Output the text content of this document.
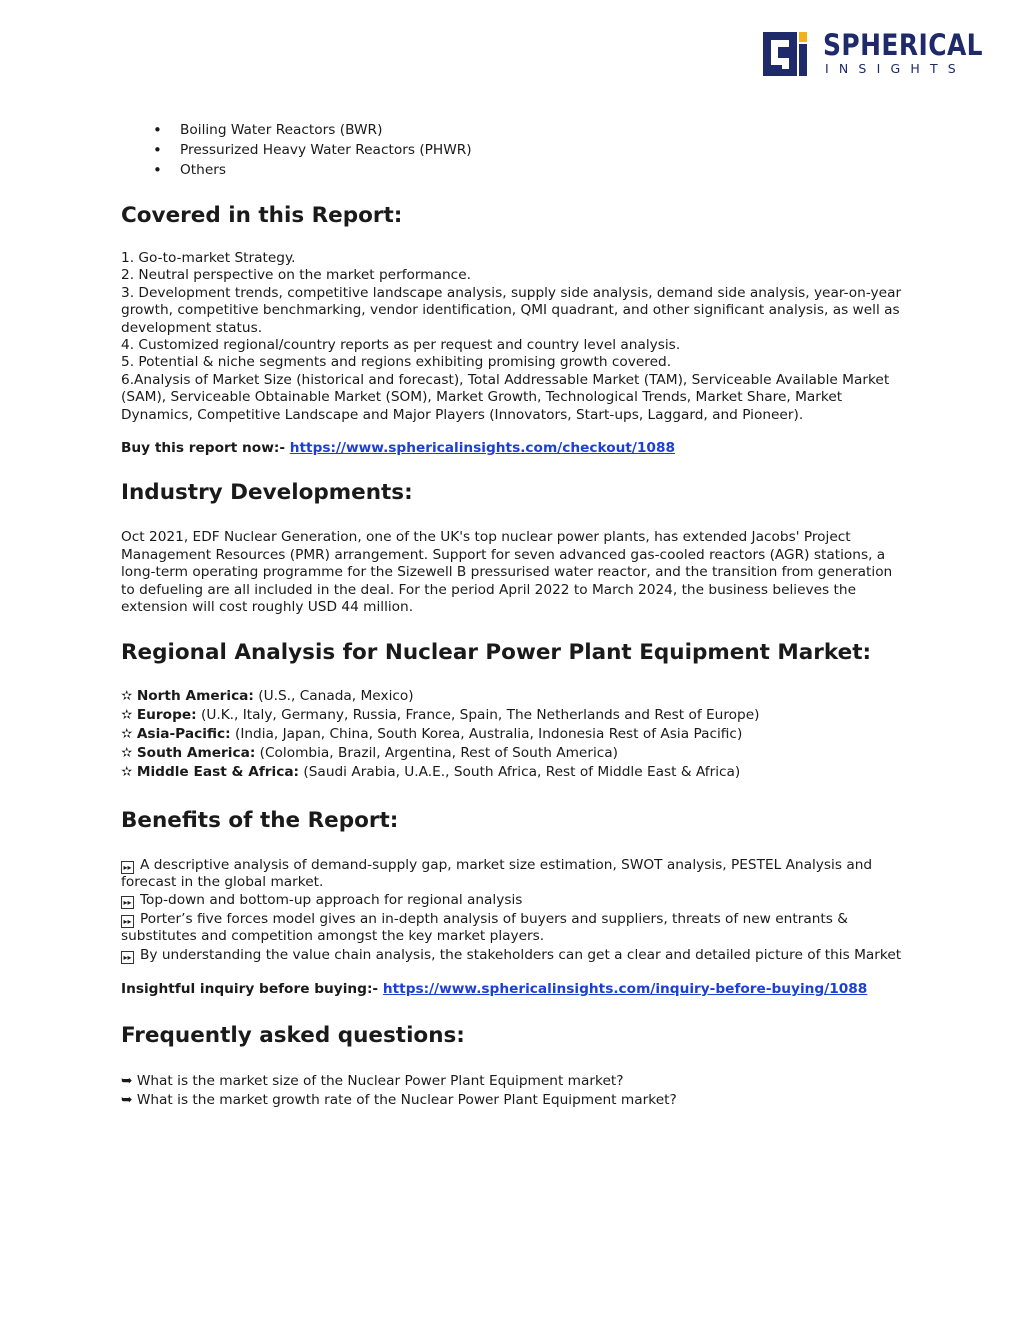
SPHERICAL
INSIGHTS
• Boiling Water Reactors (BWR)
• Pressurized Heavy Water Reactors (PHWR)
• Others
Covered in this Report:
1. Go-to-market Strategy.
2. Neutral perspective on the market performance.
3. Development trends, competitive landscape analysis, supply side analysis, demand side analysis, year-on-year growth, competitive benchmarking, vendor identification, QMI quadrant, and other significant analysis, as well as development status.
4. Customized regional/country reports as per request and country level analysis.
5. Potential & niche segments and regions exhibiting promising growth covered.
6.Analysis of Market Size (historical and forecast), Total Addressable Market (TAM), Serviceable Available Market (SAM), Serviceable Obtainable Market (SOM), Market Growth, Technological Trends, Market Share, Market Dynamics, Competitive Landscape and Major Players (Innovators, Start-ups, Laggard, and Pioneer).
Buy this report now:- https://www.sphericalinsights.com/checkout/1088
Industry Developments:
Oct 2021, EDF Nuclear Generation, one of the UK's top nuclear power plants, has extended Jacobs' Project Management Resources (PMR) arrangement. Support for seven advanced gas-cooled reactors (AGR) stations, a long-term operating programme for the Sizewell B pressurised water reactor, and the transition from generation to defueling are all included in the deal. For the period April 2022 to March 2024, the business believes the extension will cost roughly USD 44 million.
Regional Analysis for Nuclear Power Plant Equipment Market:
✫ North America: (U.S., Canada, Mexico)
✫ Europe: (U.K., Italy, Germany, Russia, France, Spain, The Netherlands and Rest of Europe)
✫ Asia-Pacific: (India, Japan, China, South Korea, Australia, Indonesia Rest of Asia Pacific)
✫ South America: (Colombia, Brazil, Argentina, Rest of South America)
✫ Middle East & Africa: (Saudi Arabia, U.A.E., South Africa, Rest of Middle East & Africa)
Benefits of the Report:
▸▸ A descriptive analysis of demand-supply gap, market size estimation, SWOT analysis, PESTEL Analysis and forecast in the global market.
▸▸ Top-down and bottom-up approach for regional analysis
▸▸ Porter’s five forces model gives an in-depth analysis of buyers and suppliers, threats of new entrants & substitutes and competition amongst the key market players.
▸▸ By understanding the value chain analysis, the stakeholders can get a clear and detailed picture of this Market
Insightful inquiry before buying:- https://www.sphericalinsights.com/inquiry-before-buying/1088
Frequently asked questions:
➥ What is the market size of the Nuclear Power Plant Equipment market?
➥ What is the market growth rate of the Nuclear Power Plant Equipment market?
